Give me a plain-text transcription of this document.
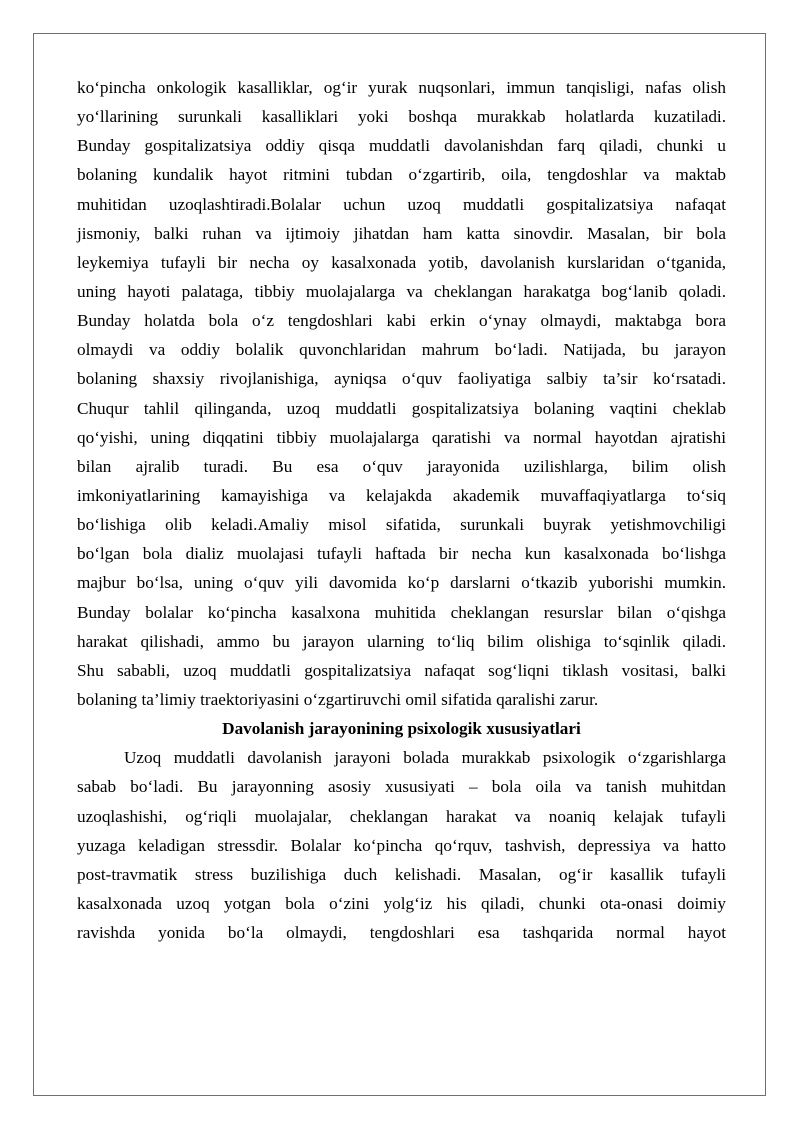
ko‘pincha onkologik kasalliklar, og‘ir yurak nuqsonlari, immun tanqisligi, nafas olish
yo‘llarining surunkali kasalliklari yoki boshqa murakkab holatlarda kuzatiladi.
Bunday gospitalizatsiya oddiy qisqa muddatli davolanishdan farq qiladi, chunki u
bolaning kundalik hayot ritmini tubdan o‘zgartirib, oila, tengdoshlar va maktab
muhitidan uzoqlashtiradi.Bolalar uchun uzoq muddatli gospitalizatsiya nafaqat
jismoniy, balki ruhan va ijtimoiy jihatdan ham katta sinovdir. Masalan, bir bola
leykemiya tufayli bir necha oy kasalxonada yotib, davolanish kurslaridan o‘tganida,
uning hayoti palataga, tibbiy muolajalarga va cheklangan harakatga bog‘lanib qoladi.
Bunday holatda bola o‘z tengdoshlari kabi erkin o‘ynay olmaydi, maktabga bora
olmaydi va oddiy bolalik quvonchlaridan mahrum bo‘ladi. Natijada, bu jarayon
bolaning shaxsiy rivojlanishiga, ayniqsa o‘quv faoliyatiga salbiy ta’sir ko‘rsatadi.
Chuqur tahlil qilinganda, uzoq muddatli gospitalizatsiya bolaning vaqtini cheklab
qo‘yishi, uning diqqatini tibbiy muolajalarga qaratishi va normal hayotdan ajratishi
bilan ajralib turadi. Bu esa o‘quv jarayonida uzilishlarga, bilim olish
imkoniyatlarining kamayishiga va kelajakda akademik muvaffaqiyatlarga to‘siq
bo‘lishiga olib keladi.Amaliy misol sifatida, surunkali buyrak yetishmovchiligi
bo‘lgan bola dializ muolajasi tufayli haftada bir necha kun kasalxonada bo‘lishga
majbur bo‘lsa, uning o‘quv yili davomida ko‘p darslarni o‘tkazib yuborishi mumkin.
Bunday bolalar ko‘pincha kasalxona muhitida cheklangan resurslar bilan o‘qishga
harakat qilishadi, ammo bu jarayon ularning to‘liq bilim olishiga to‘sqinlik qiladi.
Shu sababli, uzoq muddatli gospitalizatsiya nafaqat sog‘liqni tiklash vositasi, balki
bolaning ta’limiy traektoriyasini o‘zgartiruvchi omil sifatida qaralishi zarur.
Davolanish jarayonining psixologik xususiyatlari
Uzoq muddatli davolanish jarayoni bolada murakkab psixologik o‘zgarishlarga
sabab bo‘ladi. Bu jarayonning asosiy xususiyati – bola oila va tanish muhitdan
uzoqlashishi, og‘riqli muolajalar, cheklangan harakat va noaniq kelajak tufayli
yuzaga keladigan stressdir. Bolalar ko‘pincha qo‘rquv, tashvish, depressiya va hatto
post-travmatik stress buzilishiga duch kelishadi. Masalan, og‘ir kasallik tufayli
kasalxonada uzoq yotgan bola o‘zini yolg‘iz his qiladi, chunki ota-onasi doimiy
ravishda yonida bo‘la olmaydi, tengdoshlari esa tashqarida normal hayot
